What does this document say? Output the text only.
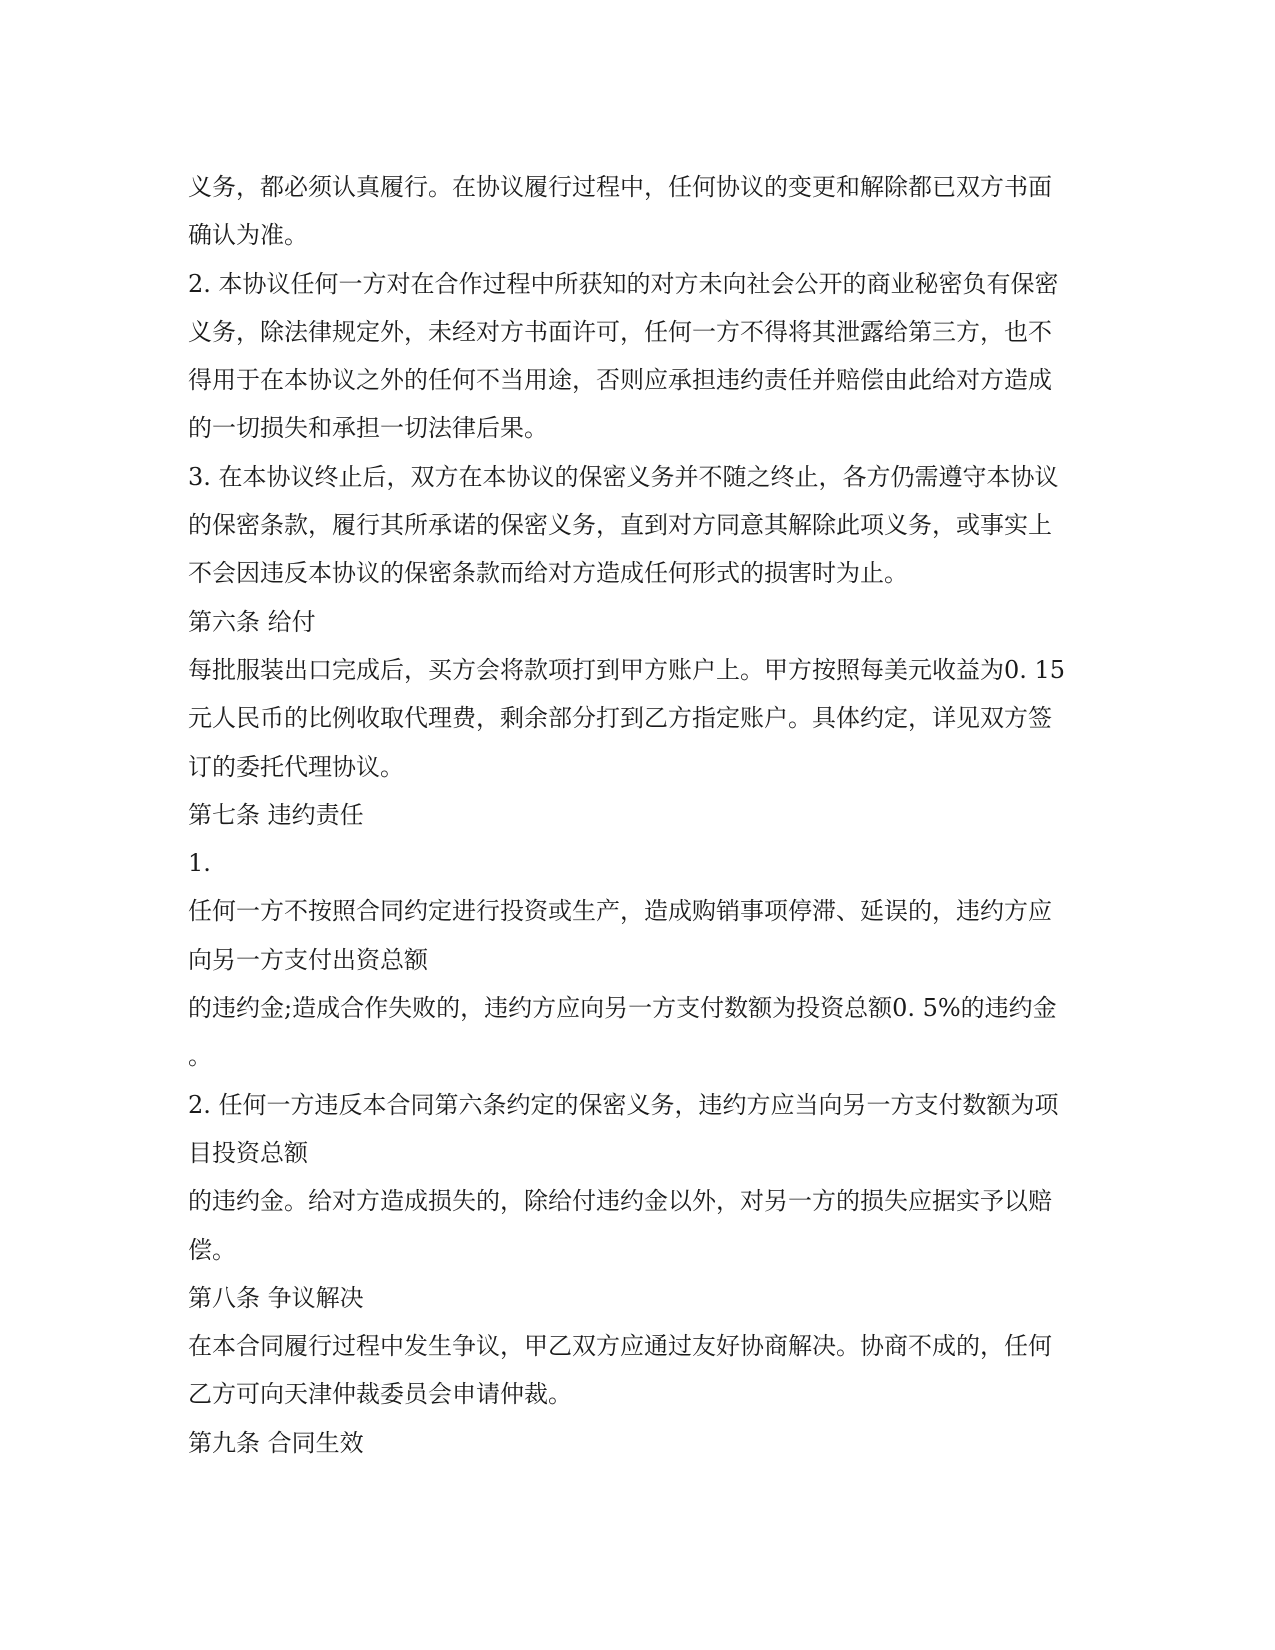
义务，都必须认真履行。在协议履行过程中，任何协议的变更和解除都已双方书面
确认为准。
2. 本协议任何一方对在合作过程中所获知的对方未向社会公开的商业秘密负有保密
义务，除法律规定外，未经对方书面许可，任何一方不得将其泄露给第三方，也不
得用于在本协议之外的任何不当用途，否则应承担违约责任并赔偿由此给对方造成
的一切损失和承担一切法律后果。
3. 在本协议终止后，双方在本协议的保密义务并不随之终止，各方仍需遵守本协议
的保密条款，履行其所承诺的保密义务，直到对方同意其解除此项义务，或事实上
不会因违反本协议的保密条款而给对方造成任何形式的损害时为止。
第六条 给付
每批服装出口完成后，买方会将款项打到甲方账户上。甲方按照每美元收益为0. 15
元人民币的比例收取代理费，剩余部分打到乙方指定账户。具体约定，详见双方签
订的委托代理协议。
第七条 违约责任
1.
任何一方不按照合同约定进行投资或生产，造成购销事项停滞、延误的，违约方应
向另一方支付出资总额
的违约金;造成合作失败的，违约方应向另一方支付数额为投资总额0. 5%的违约金
。
2. 任何一方违反本合同第六条约定的保密义务，违约方应当向另一方支付数额为项
目投资总额
的违约金。给对方造成损失的，除给付违约金以外，对另一方的损失应据实予以赔
偿。
第八条 争议解决
在本合同履行过程中发生争议，甲乙双方应通过友好协商解决。协商不成的，任何
乙方可向天津仲裁委员会申请仲裁。
第九条 合同生效
